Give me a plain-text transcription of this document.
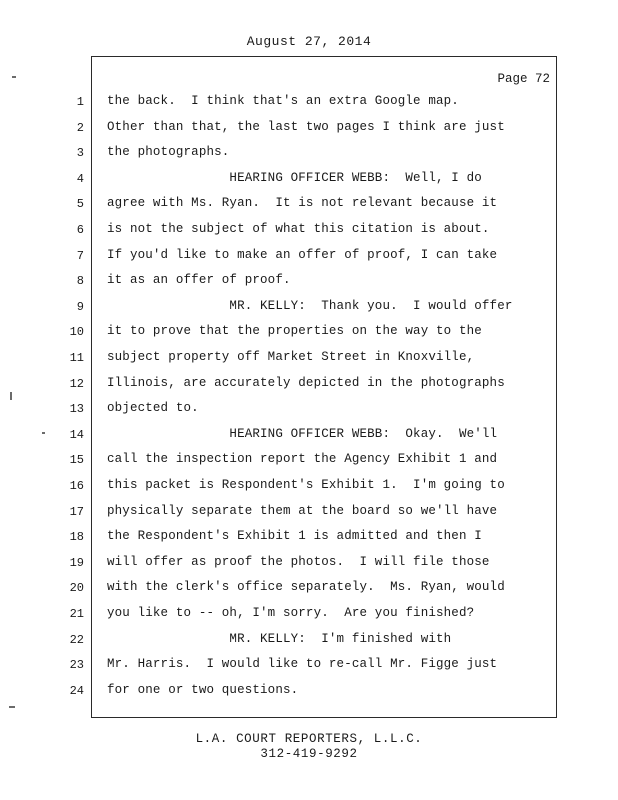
August 27, 2014
Page 72
1 the back.  I think that's an extra Google map.
2 Other than that, the last two pages I think are just
3 the photographs.
4 HEARING OFFICER WEBB:  Well, I do
5 agree with Ms. Ryan.  It is not relevant because it
6 is not the subject of what this citation is about.
7 If you'd like to make an offer of proof, I can take
8 it as an offer of proof.
9 MR. KELLY:  Thank you.  I would offer
10 it to prove that the properties on the way to the
11 subject property off Market Street in Knoxville,
12 Illinois, are accurately depicted in the photographs
13 objected to.
14 HEARING OFFICER WEBB:  Okay.  We'll
15 call the inspection report the Agency Exhibit 1 and
16 this packet is Respondent's Exhibit 1.  I'm going to
17 physically separate them at the board so we'll have
18 the Respondent's Exhibit 1 is admitted and then I
19 will offer as proof the photos.  I will file those
20 with the clerk's office separately.  Ms. Ryan, would
21 you like to -- oh, I'm sorry.  Are you finished?
22 MR. KELLY:  I'm finished with
23 Mr. Harris.  I would like to re-call Mr. Figge just
24 for one or two questions.
L.A. COURT REPORTERS, L.L.C.
312-419-9292
